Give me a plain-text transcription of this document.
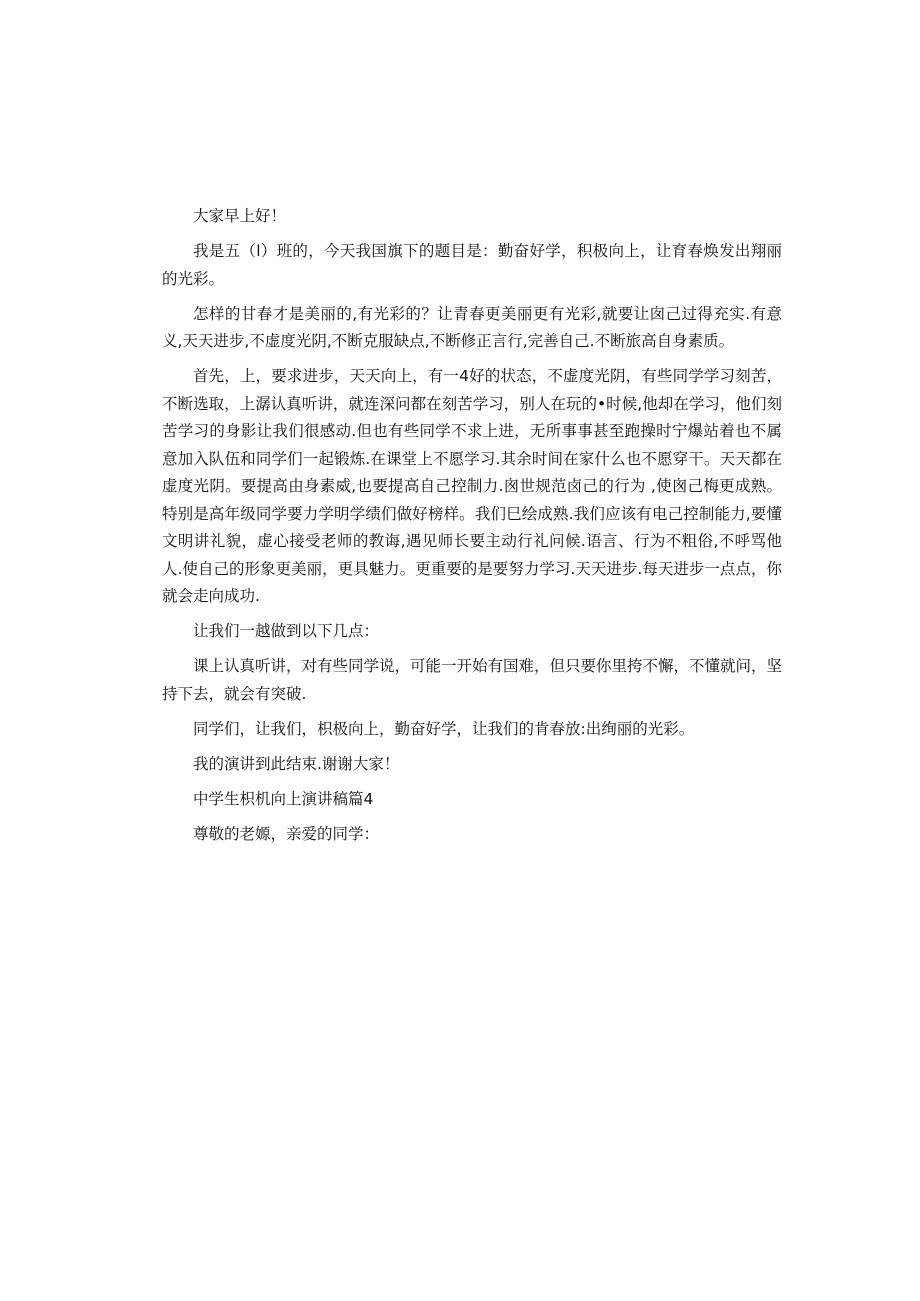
大家早上好！

我是五（l）班的，今天我国旗下的题目是：勤奋好学，积极向上，让育春焕发出翔丽的光彩。

怎样的甘春才是美丽的,有光彩的？让青春更美丽更有光彩,就要让囱己过得充实.有意义,天天进步,不虚度光阴,不断克服缺点,不断修正言行,完善自己.不断旅高自身素质。

首先，上，要求进步，天天向上，有一4好的状态，不虚度光阴，有些同学学习刻苦，不断选取，上潺认真听讲，就连深问都在刻苦学习，别人在玩的•时候,他却在学习，他们刻苦学习的身影让我们很感动.但也有些同学不求上进，无所事事甚至跑操时宁爆站着也不属意加入队伍和同学们一起锻炼.在课堂上不愿学习.其余时间在家什么也不愿穿干。天天都在虚度光阴。要提高由身素威,也要提高自己控制力.囪世规范卤己的行为 ,使囪己梅更成熟。特别是高年级同学要力学明学绩们做好榜样。我们巳绘成熟.我们应该有电己控制能力,要懂文明讲礼貌，虚心接受老师的教诲,遇见师长要主动行礼问候.语言、行为不粗俗,不呼骂他人.使自己的形象更美丽，更具魅力。更重要的是要努力学习.天天进步.每天进步一点点，你就会走向成功.

让我们一越做到以下几点：

课上认真听讲，对有些同学说，可能一开始有国难，但只要你里挎不懈，不懂就问，坚持下去，就会有突破.

同学们，让我们，枳极向上，勤奋好学，让我们的肯春放:出绚丽的光彩。

我的演讲到此结束.谢谢大家！

中学生枳机向上演讲稿篇4

尊敬的老嫄，亲爱的同学：
